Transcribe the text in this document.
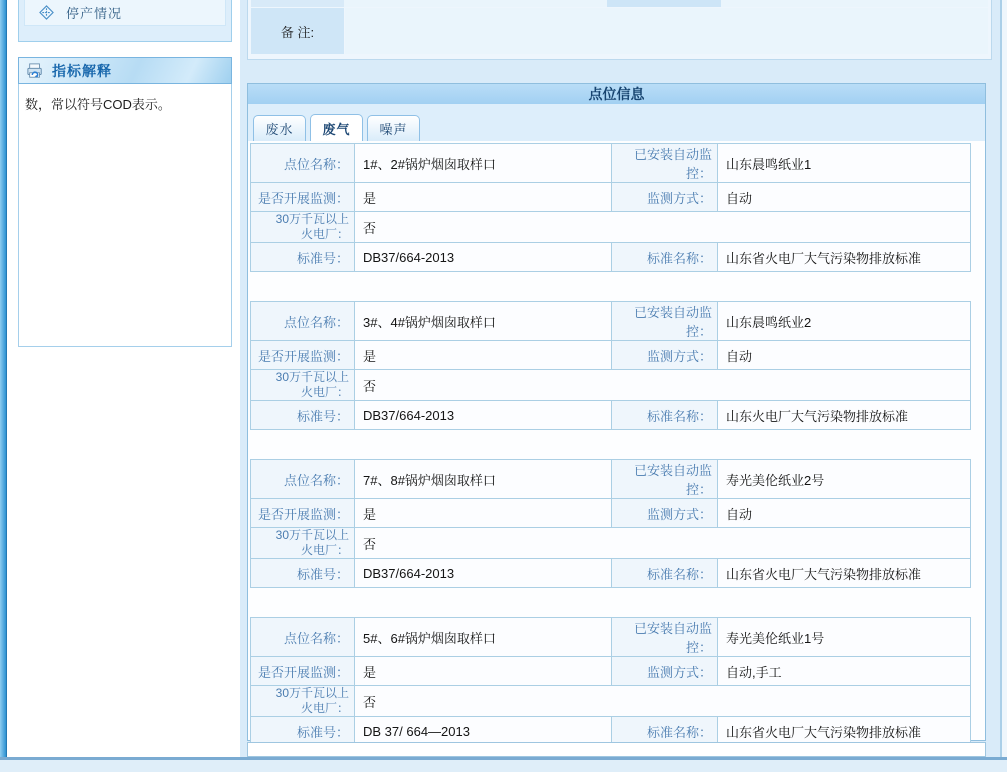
停产情况
指标解释
数，常以符号COD表示。
备 注:
点位信息
废水	废气	噪声
点位名称：	1#、2#锅炉烟囱取样口	已安装自动监控：	山东晨鸣纸业1
是否开展监测：	是	监测方式：	自动

30万千瓦以上
火电厂：	否		
标准号：	DB37/664-2013	标准名称：	山东省火电厂大气污染物排放标准
点位名称：	3#、4#锅炉烟囱取样口	已安装自动监控：	山东晨鸣纸业2
是否开展监测：	是	监测方式：	自动

30万千瓦以上
火电厂：	否		
标准号：	DB37/664-2013	标准名称：	山东火电厂大气污染物排放标准
点位名称：	7#、8#锅炉烟囱取样口	已安装自动监控：	寿光美伦纸业2号
是否开展监测：	是	监测方式：	自动

30万千瓦以上
火电厂：	否		
标准号：	DB37/664-2013	标准名称：	山东省火电厂大气污染物排放标准
点位名称：	5#、6#锅炉烟囱取样口	已安装自动监控：	寿光美伦纸业1号
是否开展监测：	是	监测方式：	自动,手工

30万千瓦以上
火电厂：	否		
标准号：	DB 37/ 664—2013	标准名称：	山东省火电厂大气污染物排放标准
